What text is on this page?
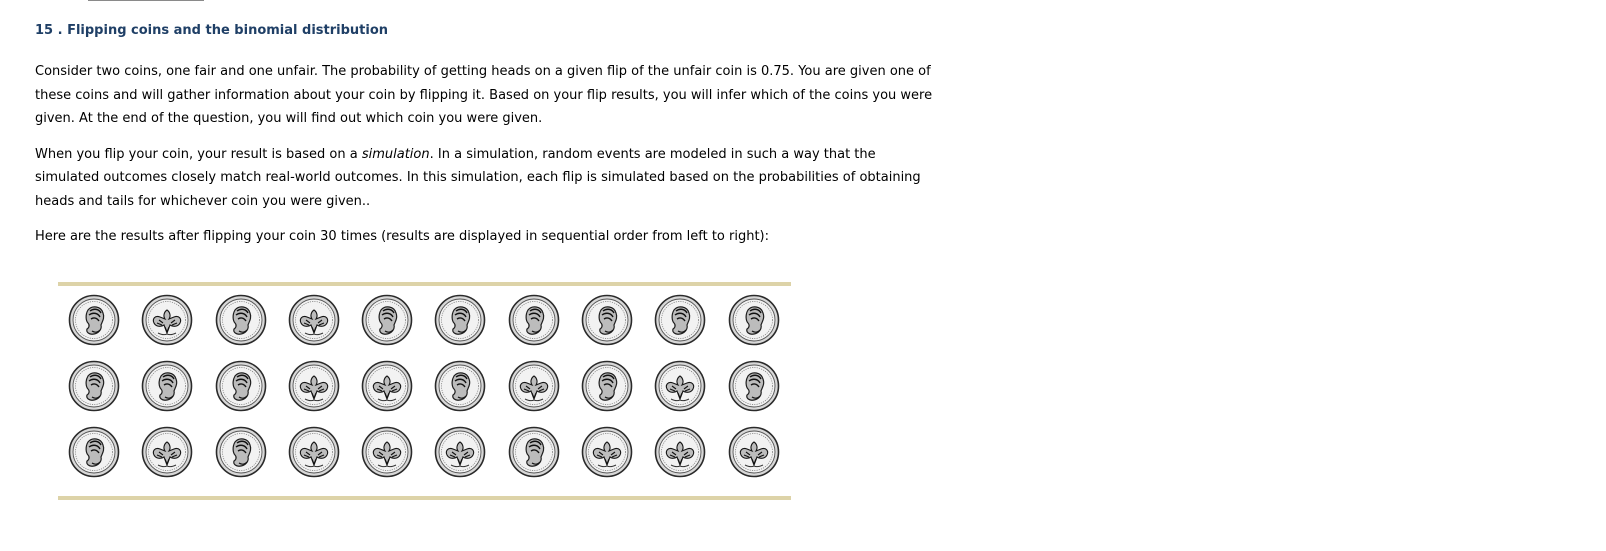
15 . Flipping coins and the binomial distribution

Consider two coins, one fair and one unfair. The probability of getting heads on a given flip of the unfair coin is 0.75. You are given one of these coins and will gather information about your coin by flipping it. Based on your flip results, you will infer which of the coins you were given. At the end of the question, you will find out which coin you were given.

When you flip your coin, your result is based on a simulation. In a simulation, random events are modeled in such a way that the simulated outcomes closely match real-world outcomes. In this simulation, each flip is simulated based on the probabilities of obtaining heads and tails for whichever coin you were given..

Here are the results after flipping your coin 30 times (results are displayed in sequential order from left to right):
